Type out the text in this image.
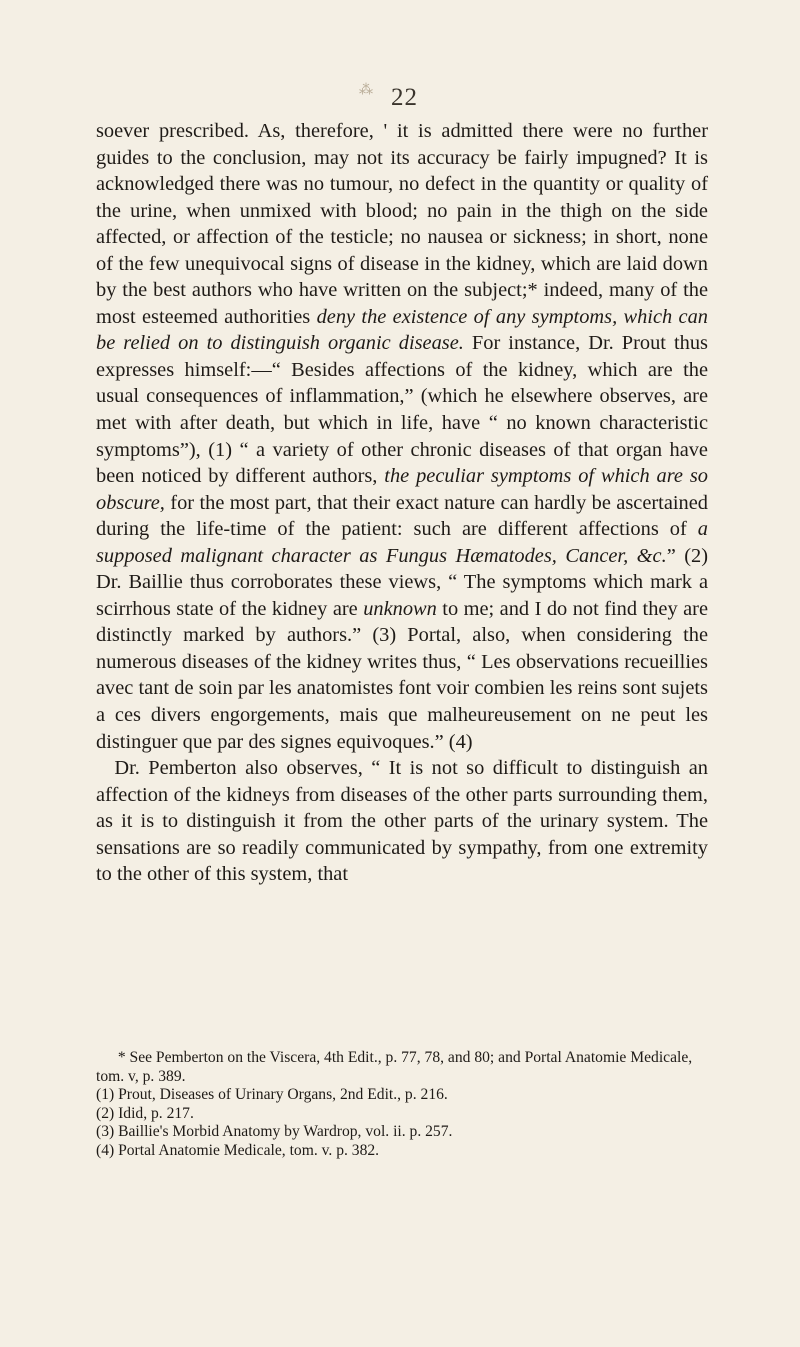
⁂ 22

soever prescribed. As, therefore, ' it is admitted there were no further guides to the conclusion, may not its accuracy be fairly impugned? It is acknowledged there was no tumour, no defect in the quantity or quality of the urine, when unmixed with blood; no pain in the thigh on the side affected, or affection of the testicle; no nausea or sickness; in short, none of the few unequivocal signs of disease in the kidney, which are laid down by the best authors who have written on the subject;* indeed, many of the most esteemed authorities deny the existence of any symptoms, which can be relied on to distinguish organic disease. For instance, Dr. Prout thus expresses himself:—“ Besides affections of the kidney, which are the usual consequences of inflammation,” (which he elsewhere observes, are met with after death, but which in life, have “ no known characteristic symptoms”), (1) “ a variety of other chronic diseases of that organ have been noticed by different authors, the peculiar symptoms of which are so obscure, for the most part, that their exact nature can hardly be ascertained during the life-time of the patient: such are different affections of a supposed malignant character as Fungus Hæmatodes, Cancer, &c.” (2) Dr. Baillie thus corroborates these views, “ The symptoms which mark a scirrhous state of the kidney are unknown to me; and I do not find they are distinctly marked by authors.” (3) Portal, also, when considering the numerous diseases of the kidney writes thus, “ Les observations recueillies avec tant de soin par les anatomistes font voir combien les reins sont sujets a ces divers engorgements, mais que malheureusement on ne peut les distinguer que par des signes equivoques.” (4)

Dr. Pemberton also observes, “ It is not so difficult to distinguish an affection of the kidneys from diseases of the other parts surrounding them, as it is to distinguish it from the other parts of the urinary system. The sensations are so readily communicated by sympathy, from one extremity to the other of this system, that

* See Pemberton on the Viscera, 4th Edit., p. 77, 78, and 80; and Portal Anatomie Medicale, tom. v, p. 389.

(1) Prout, Diseases of Urinary Organs, 2nd Edit., p. 216.

(2) Idid, p. 217.

(3) Baillie's Morbid Anatomy by Wardrop, vol. ii. p. 257.

(4) Portal Anatomie Medicale, tom. v. p. 382.
